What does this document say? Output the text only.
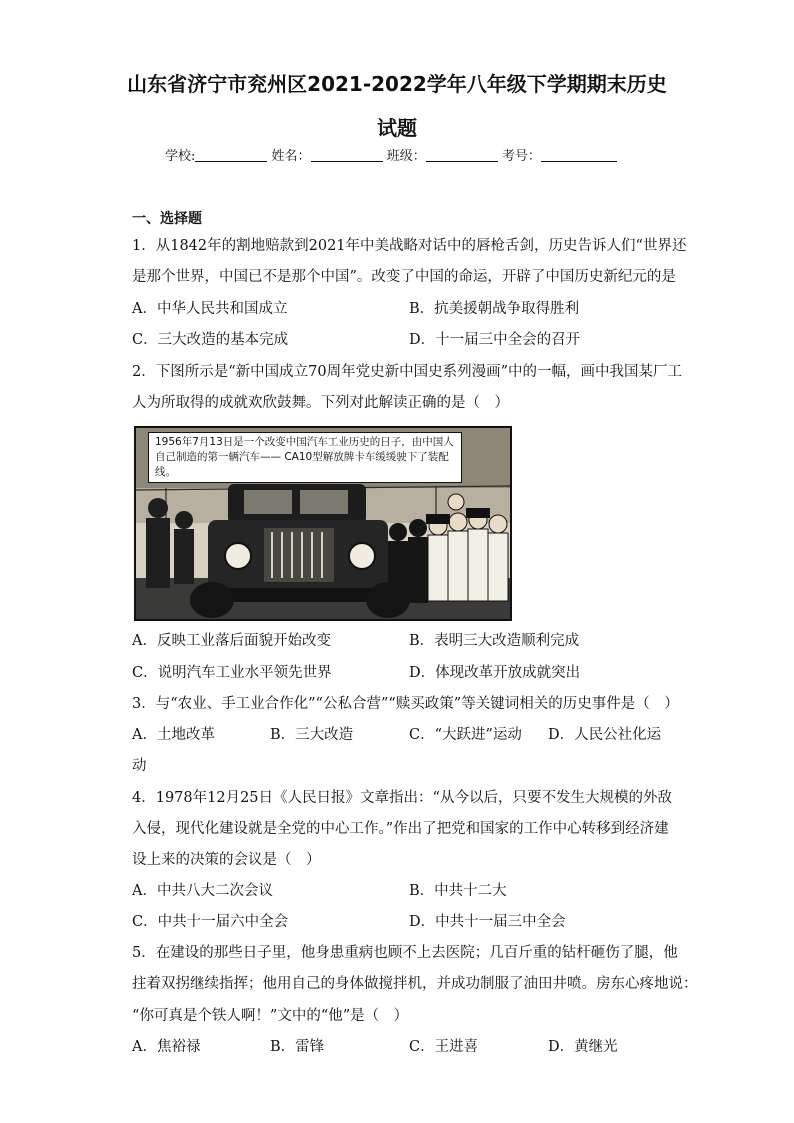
山东省济宁市兖州区2021-2022学年八年级下学期期末历史
试题
学校:	姓名：	班级：	考号：
一、选择题
1．从1842年的割地赔款到2021年中美战略对话中的唇枪舌剑，历史告诉人们“世界还
是那个世界，中国已不是那个中国”。改变了中国的命运，开辟了中国历史新纪元的是
A．中华人民共和国成立	B．抗美援朝战争取得胜利
C．三大改造的基本完成	D．十一届三中全会的召开
2．下图所示是“新中国成立70周年党史新中国史系列漫画”中的一幅，画中我国某厂工
人为所取得的成就欢欣鼓舞。下列对此解读正确的是（　）
1956年7月13日是一个改变中国汽车工业历史的日子，由中国人自己制造的第一辆汽车—— CA10型解放牌卡车缓缓驶下了装配线。
A．反映工业落后面貌开始改变	B．表明三大改造顺利完成
C．说明汽车工业水平领先世界	D．体现改革开放成就突出
3．与“农业、手工业合作化”“公私合营”“赎买政策”等关键词相关的历史事件是（　）
A．土地改革	B．三大改造	C．“大跃进”运动 D．人民公社化运
动
4．1978年12月25日《人民日报》文章指出：“从今以后，只要不发生大规模的外敌
入侵，现代化建设就是全党的中心工作。”作出了把党和国家的工作中心转移到经济建
设上来的决策的会议是（　）
A．中共八大二次会议	B．中共十二大
C．中共十一届六中全会	D．中共十一届三中全会
5．在建设的那些日子里，他身患重病也顾不上去医院；几百斤重的钻杆砸伤了腿，他
拄着双拐继续指挥；他用自己的身体做搅拌机，并成功制服了油田井喷。房东心疼地说：
“你可真是个铁人啊！”文中的“他”是（　）
A．焦裕禄	B．雷锋	C．王进喜	D．黄继光
